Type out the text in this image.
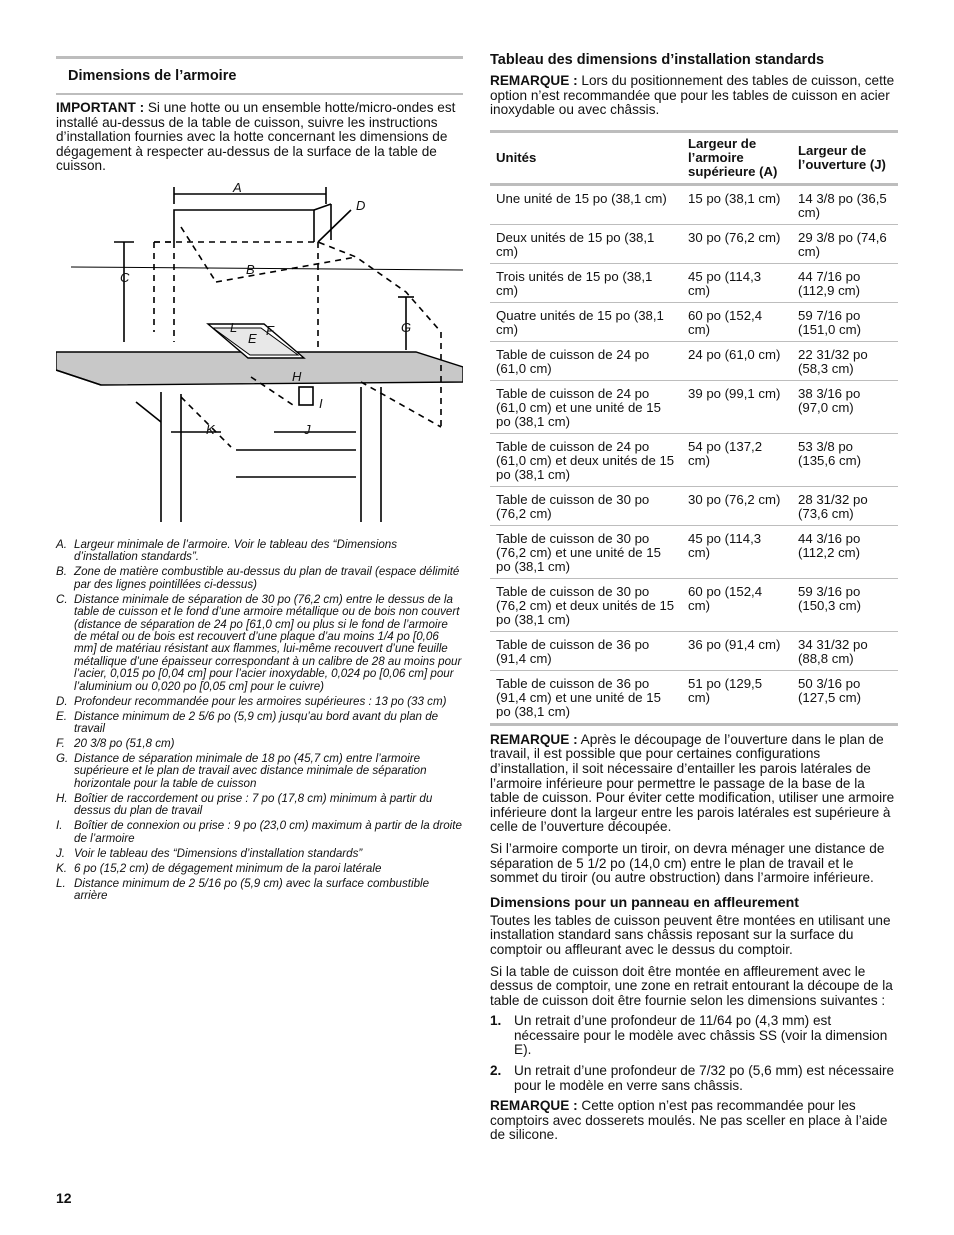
Dimensions de l’armoire

IMPORTANT : Si une hotte ou un ensemble hotte/micro-ondes est installé au-dessus de la table de cuisson, suivre les instructions d’installation fournies avec la hotte concernant les dimensions de dégagement à respecter au-dessus de la surface de la table de cuisson.

A
D
B
C
G
L
E
F
H
I
K	J
A. Largeur minimale de l’armoire. Voir le tableau des “Dimensions d’installation standards”.
B. Zone de matière combustible au-dessus du plan de travail (espace délimité par des lignes pointillées ci-dessus)
C. Distance minimale de séparation de 30 po (76,2 cm) entre le dessus de la table de cuisson et le fond d’une armoire métallique ou de bois non couvert (distance de séparation de 24 po [61,0 cm] ou plus si le fond de l’armoire de métal ou de bois est recouvert d’une plaque d’au moins 1/4 po [0,06 mm] de matériau résistant aux flammes, lui-même recouvert d’une feuille métallique d’une épaisseur correspondant à un calibre de 28 au moins pour l’acier, 0,015 po [0,04 cm] pour l’acier inoxydable, 0,024 po [0,06 cm] pour l’aluminium ou 0,020 po [0,05 cm] pour le cuivre)
D. Profondeur recommandée pour les armoires supérieures : 13 po (33 cm)
E. Distance minimum de 2 5/6 po (5,9 cm) jusqu’au bord avant du plan de travail
F. 20 3/8 po (51,8 cm)
G. Distance de séparation minimale de 18 po (45,7 cm) entre l’armoire supérieure et le plan de travail avec distance minimale de séparation horizontale pour la table de cuisson
H. Boîtier de raccordement ou prise : 7 po (17,8 cm) minimum à partir du dessus du plan de travail
I. Boîtier de connexion ou prise : 9 po (23,0 cm) maximum à partir de la droite de l’armoire
J. Voir le tableau des “Dimensions d’installation standards”
K. 6 po (15,2 cm) de dégagement minimum de la paroi latérale
L. Distance minimum de 2 5/16 po (5,9 cm) avec la surface combustible arrière
Tableau des dimensions d’installation standards

REMARQUE : Lors du positionnement des tables de cuisson, cette option n’est recommandée que pour les tables de cuisson en acier inoxydable ou avec châssis.

Unités	Largeur de l’armoire supérieure (A)	Largeur de l’ouverture (J)
Une unité de 15 po (38,1 cm)	15 po (38,1 cm)	14 3/8 po (36,5 cm)
Deux unités de 15 po (38,1 cm)	30 po (76,2 cm)	29 3/8 po (74,6 cm)
Trois unités de 15 po (38,1 cm)	45 po (114,3 cm)	44 7/16 po (112,9 cm)
Quatre unités de 15 po (38,1 cm)	60 po (152,4 cm)	59 7/16 po (151,0 cm)
Table de cuisson de 24 po (61,0 cm)	24 po (61,0 cm)	22 31/32 po (58,3 cm)
Table de cuisson de 24 po (61,0 cm) et une unité de 15 po (38,1 cm)	39 po (99,1 cm)	38 3/16 po (97,0 cm)
Table de cuisson de 24 po (61,0 cm) et deux unités de 15 po (38,1 cm)	54 po (137,2 cm)	53 3/8 po (135,6 cm)
Table de cuisson de 30 po (76,2 cm)	30 po (76,2 cm)	28 31/32 po (73,6 cm)
Table de cuisson de 30 po (76,2 cm) et une unité de 15 po (38,1 cm)	45 po (114,3 cm)	44 3/16 po (112,2 cm)
Table de cuisson de 30 po (76,2 cm) et deux unités de 15 po (38,1 cm)	60 po (152,4 cm)	59 3/16 po (150,3 cm)
Table de cuisson de 36 po (91,4 cm)	36 po (91,4 cm)	34 31/32 po (88,8 cm)
Table de cuisson de 36 po (91,4 cm) et une unité de 15 po (38,1 cm)	51 po (129,5 cm)	50 3/16 po (127,5 cm)

REMARQUE : Après le découpage de l’ouverture dans le plan de travail, il est possible que pour certaines configurations d’installation, il soit nécessaire d’entailler les parois latérales de l’armoire inférieure pour permettre le passage de la base de la table de cuisson. Pour éviter cette modification, utiliser une armoire inférieure dont la largeur entre les parois latérales est supérieure à celle de l’ouverture découpée.

Si l’armoire comporte un tiroir, on devra ménager une distance de séparation de 5 1/2 po (14,0 cm) entre le plan de travail et le sommet du tiroir (ou autre obstruction) dans l’armoire inférieure.

Dimensions pour un panneau en affleurement

Toutes les tables de cuisson peuvent être montées en utilisant une installation standard sans châssis reposant sur la surface du comptoir ou affleurant avec le dessus du comptoir.

Si la table de cuisson doit être montée en affleurement avec le dessus de comptoir, une zone en retrait entourant la découpe de la table de cuisson doit être fournie selon les dimensions suivantes :

1. Un retrait d’une profondeur de 11/64 po (4,3 mm) est nécessaire pour le modèle avec châssis SS (voir la dimension E).
2. Un retrait d’une profondeur de 7/32 po (5,6 mm) est nécessaire pour le modèle en verre sans châssis.

REMARQUE : Cette option n’est pas recommandée pour les comptoirs avec dosserets moulés. Ne pas sceller en place à l’aide de silicone.

12
